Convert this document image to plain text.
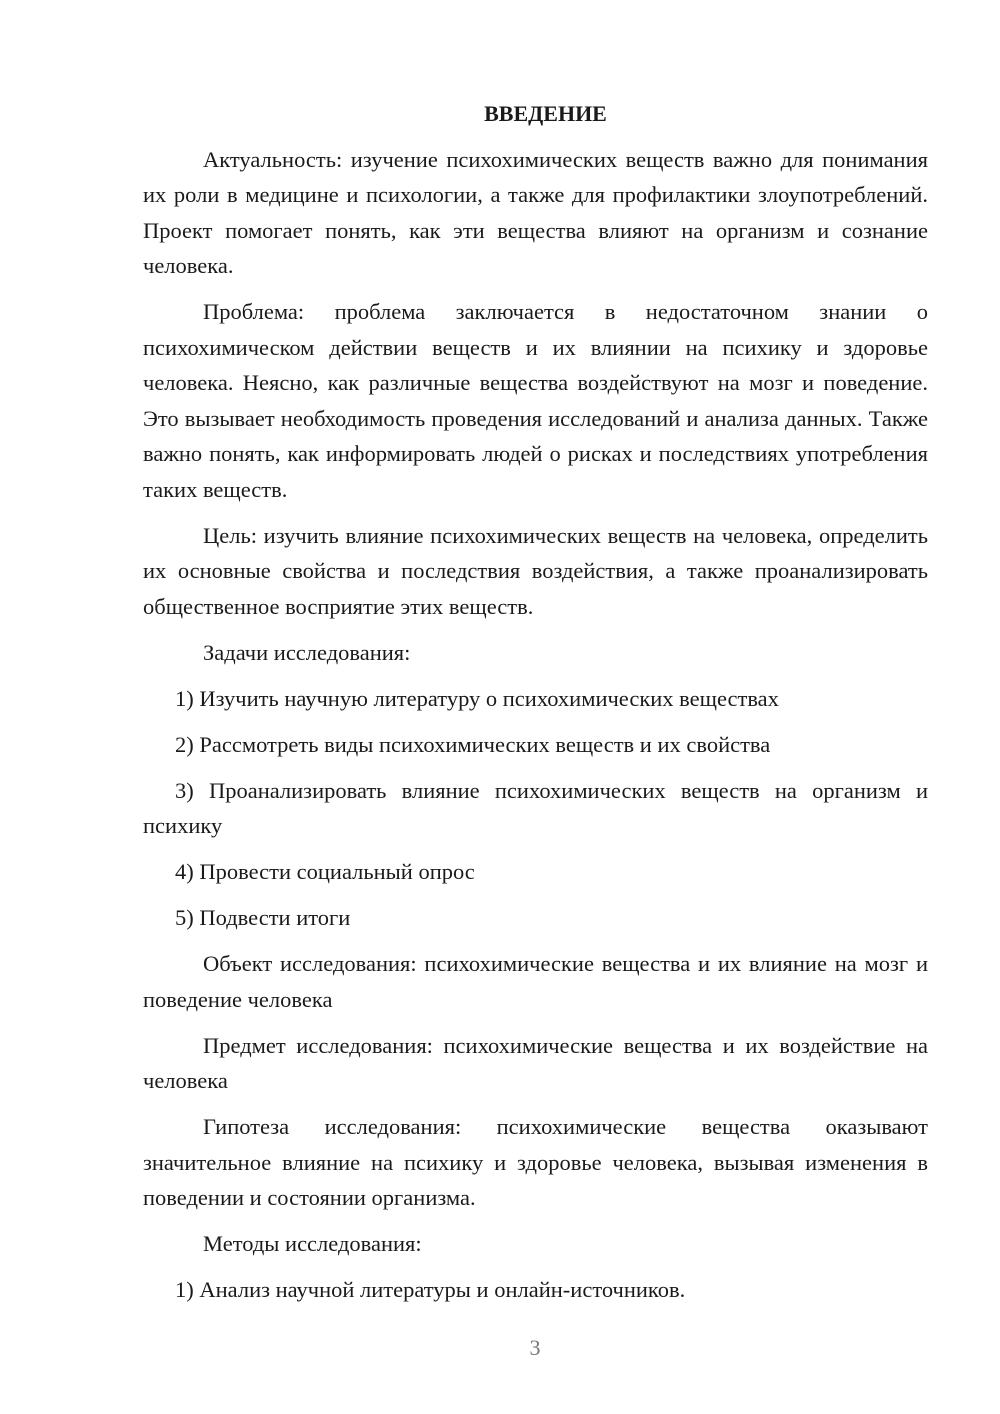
ВВЕДЕНИЕ

Актуальность: изучение психохимических веществ важно для понимания их роли в медицине и психологии, а также для профилактики злоупотреблений. Проект помогает понять, как эти вещества влияют на организм и сознание человека.

Проблема: проблема заключается в недостаточном знании о психохимическом действии веществ и их влиянии на психику и здоровье человека. Неясно, как различные вещества воздействуют на мозг и поведение. Это вызывает необходимость проведения исследований и анализа данных. Также важно понять, как информировать людей о рисках и последствиях употребления таких веществ.

Цель: изучить влияние психохимических веществ на человека, определить их основные свойства и последствия воздействия, а также проанализировать общественное восприятие этих веществ.

Задачи исследования:

1) Изучить научную литературу о психохимических веществах

2) Рассмотреть виды психохимических веществ и их свойства

3) Проанализировать влияние психохимических веществ на организм и психику

4) Провести социальный опрос

5) Подвести итоги

Объект исследования: психохимические вещества и их влияние на мозг и поведение человека

Предмет исследования: психохимические вещества и их воздействие на человека

Гипотеза исследования: психохимические вещества оказывают значительное влияние на психику и здоровье человека, вызывая изменения в поведении и состоянии организма.

Методы исследования:

1) Анализ научной литературы и онлайн-источников.

3
